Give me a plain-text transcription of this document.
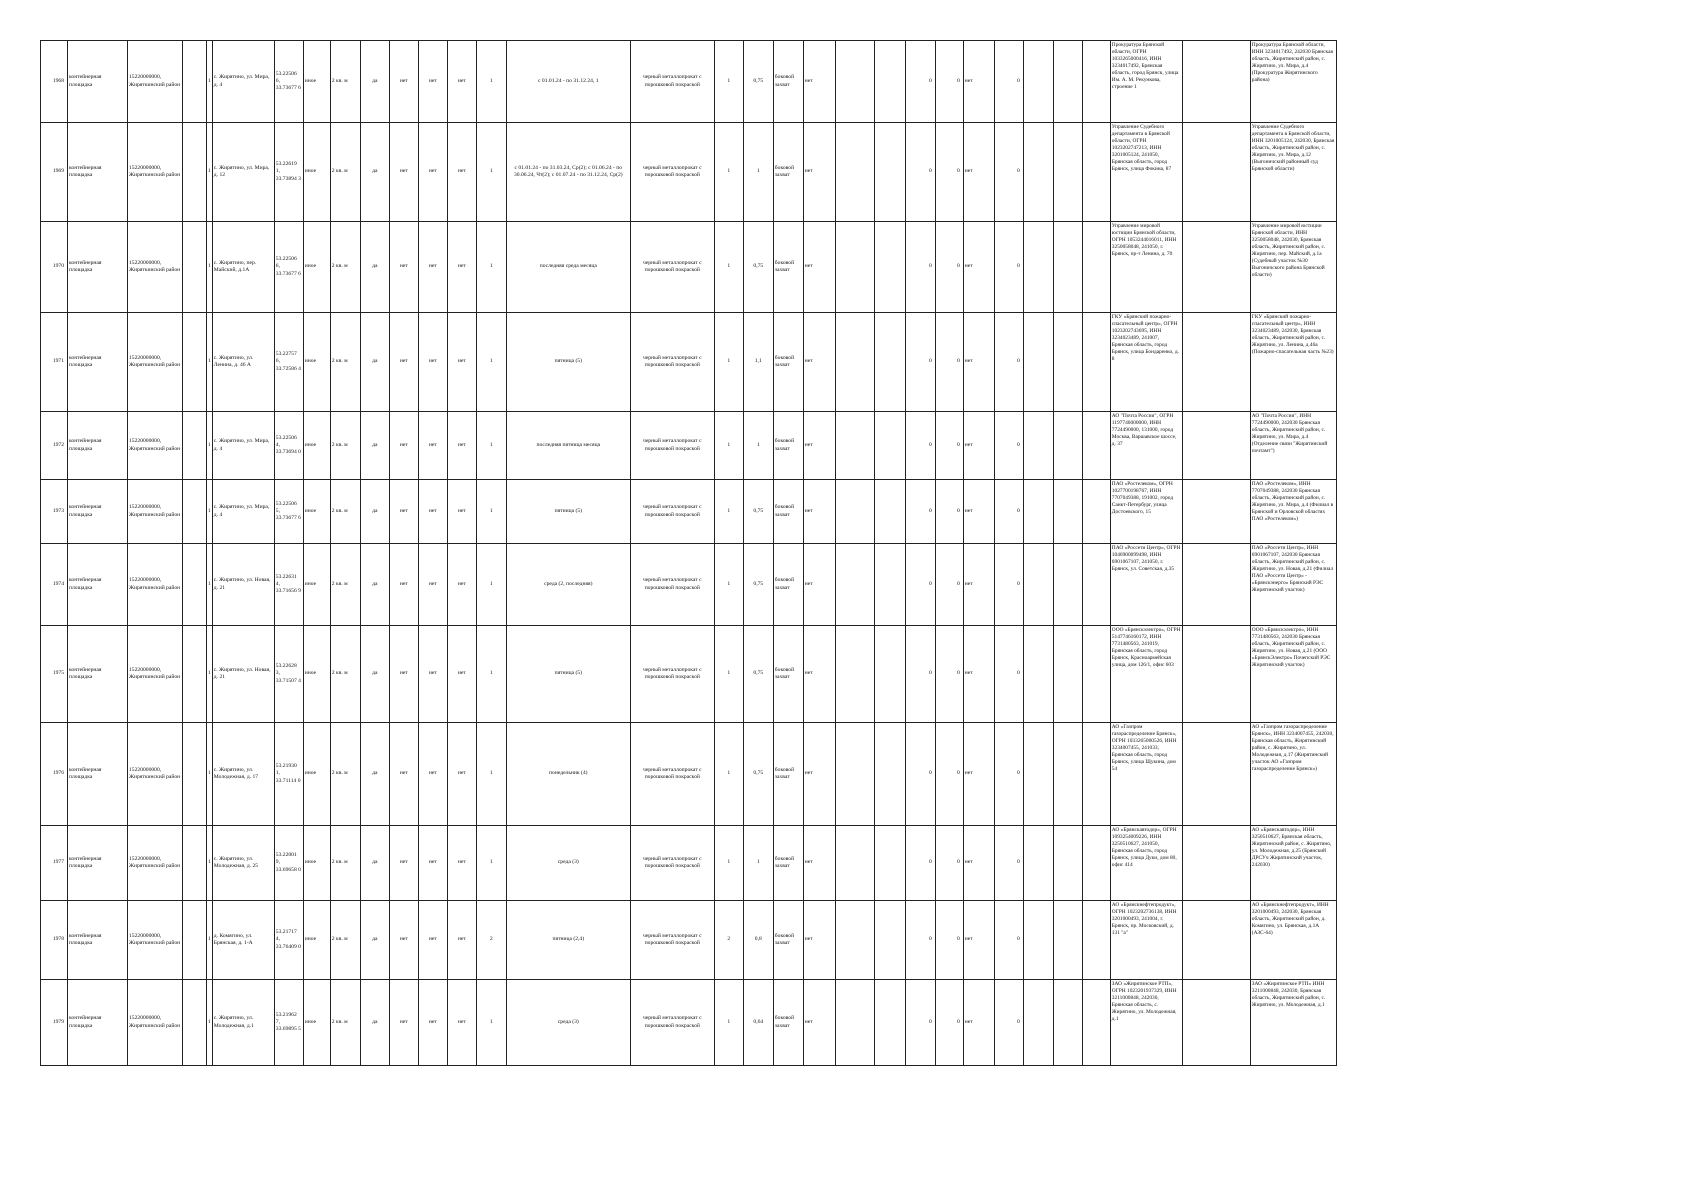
1968	контейнерная площадка	15220000000, Жиряткинский район		1	с. Жирятино, ул. Мира, д. 4	53.22506 6, 33.73677 6	иное	2 кв. м	да	нет	нет	нет	1	с 01.01.24 - по 31.12.24, 1	черный металлопрокат с порошковой покраской	1	0,75	боковой захват	нет			0	0	нет	0				Прокуратура Брянской области, ОГРН 1033265000416, ИНН 3234017492, Брянская область, город Брянск, улица Им. А. М. Рекункова, строение 1		Прокуратура Брянской области, ИНН 3234017492, 242030 Брянская область, Жирятинский район, с. Жирятино, ул. Мира, д.4 (Прокуратура Жирятинского района)
1969	контейнерная площадка	15220000000, Жиряткинский район		1	с. Жирятино, ул. Мира, д. 12	53.22619 1, 33.73894 3	иное	2 кв. м	да	нет	нет	нет	1	с 01.01.24 - по 31.03.24, Ср(2); с 01.06.24 - по 30.06.24, Чт(2); с 01.07.24 - по 31.12.24, Ср(2)	черный металлопрокат с порошковой покраской	1	1	боковой захват	нет			0	0	нет	0				Управление Судебного департамента в Брянской области, ОГРН 1023202747213, ИНН 3201005124, 241050, Брянская область, город Брянск, улица Фокина, 87		Управление Судебного департамента в Брянской области, ИНН 3201005124, 242030, Брянская область, Жирятинский район, с. Жирятино, ул. Мира, д.12 (Выгоничский районный суд Брянской области)
1970	контейнерная площадка	15220000000, Жиряткинский район		1	с. Жирятино, пер. Майский, д.1А	53.22506 6, 33.73677 6	иное	2 кв. м	да	нет	нет	нет	1	последняя среда месяца	черный металлопрокат с порошковой покраской	1	0,75	боковой захват	нет			0	0	нет	0				Управление мировой юстиции Брянской области, ОГРН 1053244016011, ИНН 3250058048, 241050, г. Брянск, пр-т Ленина, д. 70		Управление мировой юстиции Брянской области, ИНН 3250058048, 242030, Брянская область, Жирятинский район, с. Жирятино, пер. Майский, д.1а (Судебный участок №30 Выгоничского района Брянской области)
1971	контейнерная площадка	15220000000, Жиряткинский район		1	с. Жирятино, ул. Ленина, д. 46 А	53.22757 6, 33.72586 4	иное	2 кв. м	да	нет	нет	нет	1	пятница (5)	черный металлопрокат с порошковой покраской	1	1,1	боковой захват	нет			0	0	нет	0				ГКУ «Брянский пожарно-спасательный центр», ОГРН 1023202743695, ИНН 3234023489, 241007, Брянская область, город Брянск, улица Бондаренко, д. 8		ГКУ «Брянский пожарно-спасательный центр», ИНН 3234023489, 242030, Брянская область, Жирятинский район, с. Жирятино, ул. Ленина, д.46а (Пожарно-спасательная часть №23)
1972	контейнерная площадка	15220000000, Жиряткинский район		1	с. Жирятино, ул. Мира, д. 4	53.22506 4, 33.73694 0	иное	2 кв. м	да	нет	нет	нет	1	последняя пятница месяца	черный металлопрокат с порошковой покраской	1	1	боковой захват	нет			0	0	нет	0				АО "Почта России", ОГРН 1197746000000, ИНН 7724490000, 131000, город Москва, Варшавское шоссе, д. 37		АО "Почта России", ИНН 7724490000, 242030 Брянская область, Жирятинский район, с. Жирятино, ул. Мира, д.4 (Отделение связи "Жирятинский почтамт")
1973	контейнерная площадка	15220000000, Жиряткинский район		1	с. Жирятино, ул. Мира, д. 4	53.22506 5, 33.73677 6	иное	2 кв. м	да	нет	нет	нет	1	пятница (5)	черный металлопрокат с порошковой покраской	1	0,75	боковой захват	нет			0	0	нет	0				ПАО «Ростелеком», ОГРН 1027700198767, ИНН 7707049388, 191002, город Санкт-Петербург, улица Достоевского, 15		ПАО «Ростелеком», ИНН 7707049388, 242030 Брянская область, Жирятинский район, с. Жирятино, ул. Мира, д.4 (Филиал в Брянской и Орловской областях ПАО «Ростелеком»)
1974	контейнерная площадка	15220000000, Жиряткинский район		1	с. Жирятино, ул. Новая, д. 21	53.22631 4, 33.71656 9	иное	2 кв. м	да	нет	нет	нет	1	среда (2, последняя)	черный металлопрокат с порошковой покраской	1	0,75	боковой захват	нет			0	0	нет	0				ПАО «Россети Центр», ОГРН 1046900099498, ИНН 6901067107, 241050, г. Брянск, ул. Советская, д.35		ПАО «Россети Центр», ИНН 6901067107, 242030 Брянская область, Жирятинский район, с. Жирятино, ул. Новая, д.21 (Филиал ПАО «Россети Центр» - «Брянскэнерго» Брянский РЭС Жирятинский участок)
1975	контейнерная площадка	15220000000, Жиряткинский район		1	с. Жирятино, ул. Новая, д. 21	53.22628 3, 33.71507 4	иное	2 кв. м	да	нет	нет	нет	1	пятница (5)	черный металлопрокат с порошковой покраской	1	0,75	боковой захват	нет			0	0	нет	0				ООО «Брянскэлектро», ОГРН 5147746160172, ИНН 7731480563, 241019, Брянская область, город Брянск, Красноармейская улица, дом 126/1, офис 603		ООО «Брянскэлектро», ИНН 7731480563, 242030 Брянская область, Жирятинский район, с. Жирятино, ул. Новая, д.21 (ООО «БрянскЭлектро» Почепский РЭС Жирятинский участок)
1976	контейнерная площадка	15220000000, Жиряткинский район		1	с. Жирятино, ул. Молодежная, д. 17	53.21930 1, 33.71114 0	иное	2 кв. м	да	нет	нет	нет	1	понедельник (4)	черный металлопрокат с порошковой покраской	1	0,75	боковой захват	нет			0	0	нет	0				АО «Газпром газораспределение Брянск», ОГРН 1033265000526, ИНН 3234007455, 241033, Брянская область, город Брянск, улица Щукина, дом 54		АО «Газпром газораспределение Брянск», ИНН 3234007455, 242030, Брянская область, Жирятинский район, с. Жирятино, ул. Молодежная, д.17 (Жирятинский участок АО «Газпром газораспределение Брянск»)
1977	контейнерная площадка	15220000000, Жиряткинский район		1	с. Жирятино, ул. Молодежная, д. 25	53.22001 9, 33.69658 0	иное	2 кв. м	да	нет	нет	нет	1	среда (3)	черный металлопрокат с порошковой покраской	1	1	боковой захват	нет			0	0	нет	0				АО «Брянскавтодор», ОГРН 1093254009226, ИНН 3250510627, 241050, Брянская область, город Брянск, улица Дуки, дом 80, офис 414		АО «Брянскавтодор», ИНН 3250510627, Брянская область, Жирятинский район, с. Жирятино, ул. Молодежная, д.25 (Брянский ДРСУч Жирятинский участок, 242030)
1978	контейнерная площадка	15220000000, Жиряткинский район		1	д. Комягино, ул. Брянская, д. 1-А	53.21717 4, 33.76409 0	иное	2 кв. м	да	нет	нет	нет	2	пятница (2,4)	черный металлопрокат с порошковой покраской	2	0,8	боковой захват	нет			0	0	нет	0				АО «Брянскнефтепродукт», ОГРН 1023202736138, ИНН 3201000493, 241004, г. Брянск, пр. Московский, д. 131 "а"		АО «Брянскнефтепродукт», ИНН 3201000493, 242030, Брянская область, Жирятинский район, д. Комягино, ул. Брянская, д.1А (АЗС-64)
1979	контейнерная площадка	15220000000, Жиряткинский район		1	с. Жирятино, ул. Молодежная, д.1	53.21962 7, 33.69895 5	иное	2 кв. м	да	нет	нет	нет	1	среда (3)	черный металлопрокат с порошковой покраской	1	0,64	боковой захват	нет			0	0	нет	0				ЗАО «Жирятинское РТП», ОГРН 1023201937329, ИНН 3211000848, 242030, Брянская область, с. Жирятино, ул. Молодежная, д.1		ЗАО «Жирятинское РТП» ИНН 3211000848, 242030, Брянская область, Жирятинский район, с. Жирятино, ул. Молодежная, д.1
